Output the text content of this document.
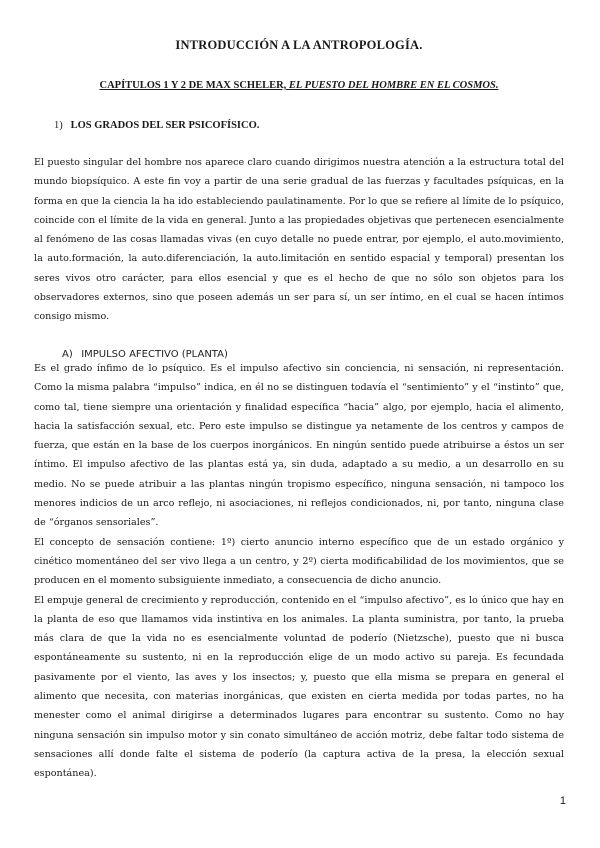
INTRODUCCIÓN A LA ANTROPOLOGÍA.
CAPÍTULOS 1 Y 2 DE MAX SCHELER, EL PUESTO DEL HOMBRE EN EL COSMOS.
1) LOS GRADOS DEL SER PSICOFÍSICO.

El puesto singular del hombre nos aparece claro cuando dirigimos nuestra atención a la estructura total del mundo biopsíquico. A este fin voy a partir de una serie gradual de las fuerzas y facultades psíquicas, en la forma en que la ciencia la ha ido estableciendo paulatinamente. Por lo que se refiere al límite de lo psíquico, coincide con el límite de la vida en general. Junto a las propiedades objetivas que pertenecen esencialmente al fenómeno de las cosas llamadas vivas (en cuyo detalle no puede entrar, por ejemplo, el auto.movimiento, la auto.formación, la auto.diferenciación, la auto.limitación en sentido espacial y temporal) presentan los seres vivos otro carácter, para ellos esencial y que es el hecho de que no sólo son objetos para los observadores externos, sino que poseen además un ser para sí, un ser íntimo, en el cual se hacen íntimos consigo mismo.

A) IMPULSO AFECTIVO (PLANTA)

Es el grado ínfimo de lo psíquico. Es el impulso afectivo sin conciencia, ni sensación, ni representación. Como la misma palabra “impulso” indica, en él no se distinguen todavía el “sentimiento” y el “instinto” que, como tal, tiene siempre una orientación y finalidad específica “hacia” algo, por ejemplo, hacia el alimento, hacia la satisfacción sexual, etc. Pero este impulso se distingue ya netamente de los centros y campos de fuerza, que están en la base de los cuerpos inorgánicos. En ningún sentido puede atribuirse a éstos un ser íntimo. El impulso afectivo de las plantas está ya, sin duda, adaptado a su medio, a un desarrollo en su medio. No se puede atribuir a las plantas ningún tropismo específico, ninguna sensación, ni tampoco los menores indicios de un arco reflejo, ni asociaciones, ni reflejos condicionados, ni, por tanto, ninguna clase de “órganos sensoriales”.

El concepto de sensación contiene: 1º) cierto anuncio interno específico que de un estado orgánico y cinético momentáneo del ser vivo llega a un centro, y 2º) cierta modificabilidad de los movimientos, que se producen en el momento subsiguiente inmediato, a consecuencia de dicho anuncio.

El empuje general de crecimiento y reproducción, contenido en el “impulso afectivo”, es lo único que hay en la planta de eso que llamamos vida instintiva en los animales. La planta suministra, por tanto, la prueba más clara de que la vida no es esencialmente voluntad de poderío (Nietzsche), puesto que ni busca espontáneamente su sustento, ni en la reproducción elige de un modo activo su pareja. Es fecundada pasivamente por el viento, las aves y los insectos; y, puesto que ella misma se prepara en general el alimento que necesita, con materias inorgánicas, que existen en cierta medida por todas partes, no ha menester como el animal dirigirse a determinados lugares para encontrar su sustento. Como no hay ninguna sensación sin impulso motor y sin conato simultáneo de acción motriz, debe faltar todo sistema de sensaciones allí donde falte el sistema de poderío (la captura activa de la presa, la elección sexual espontánea).

1
